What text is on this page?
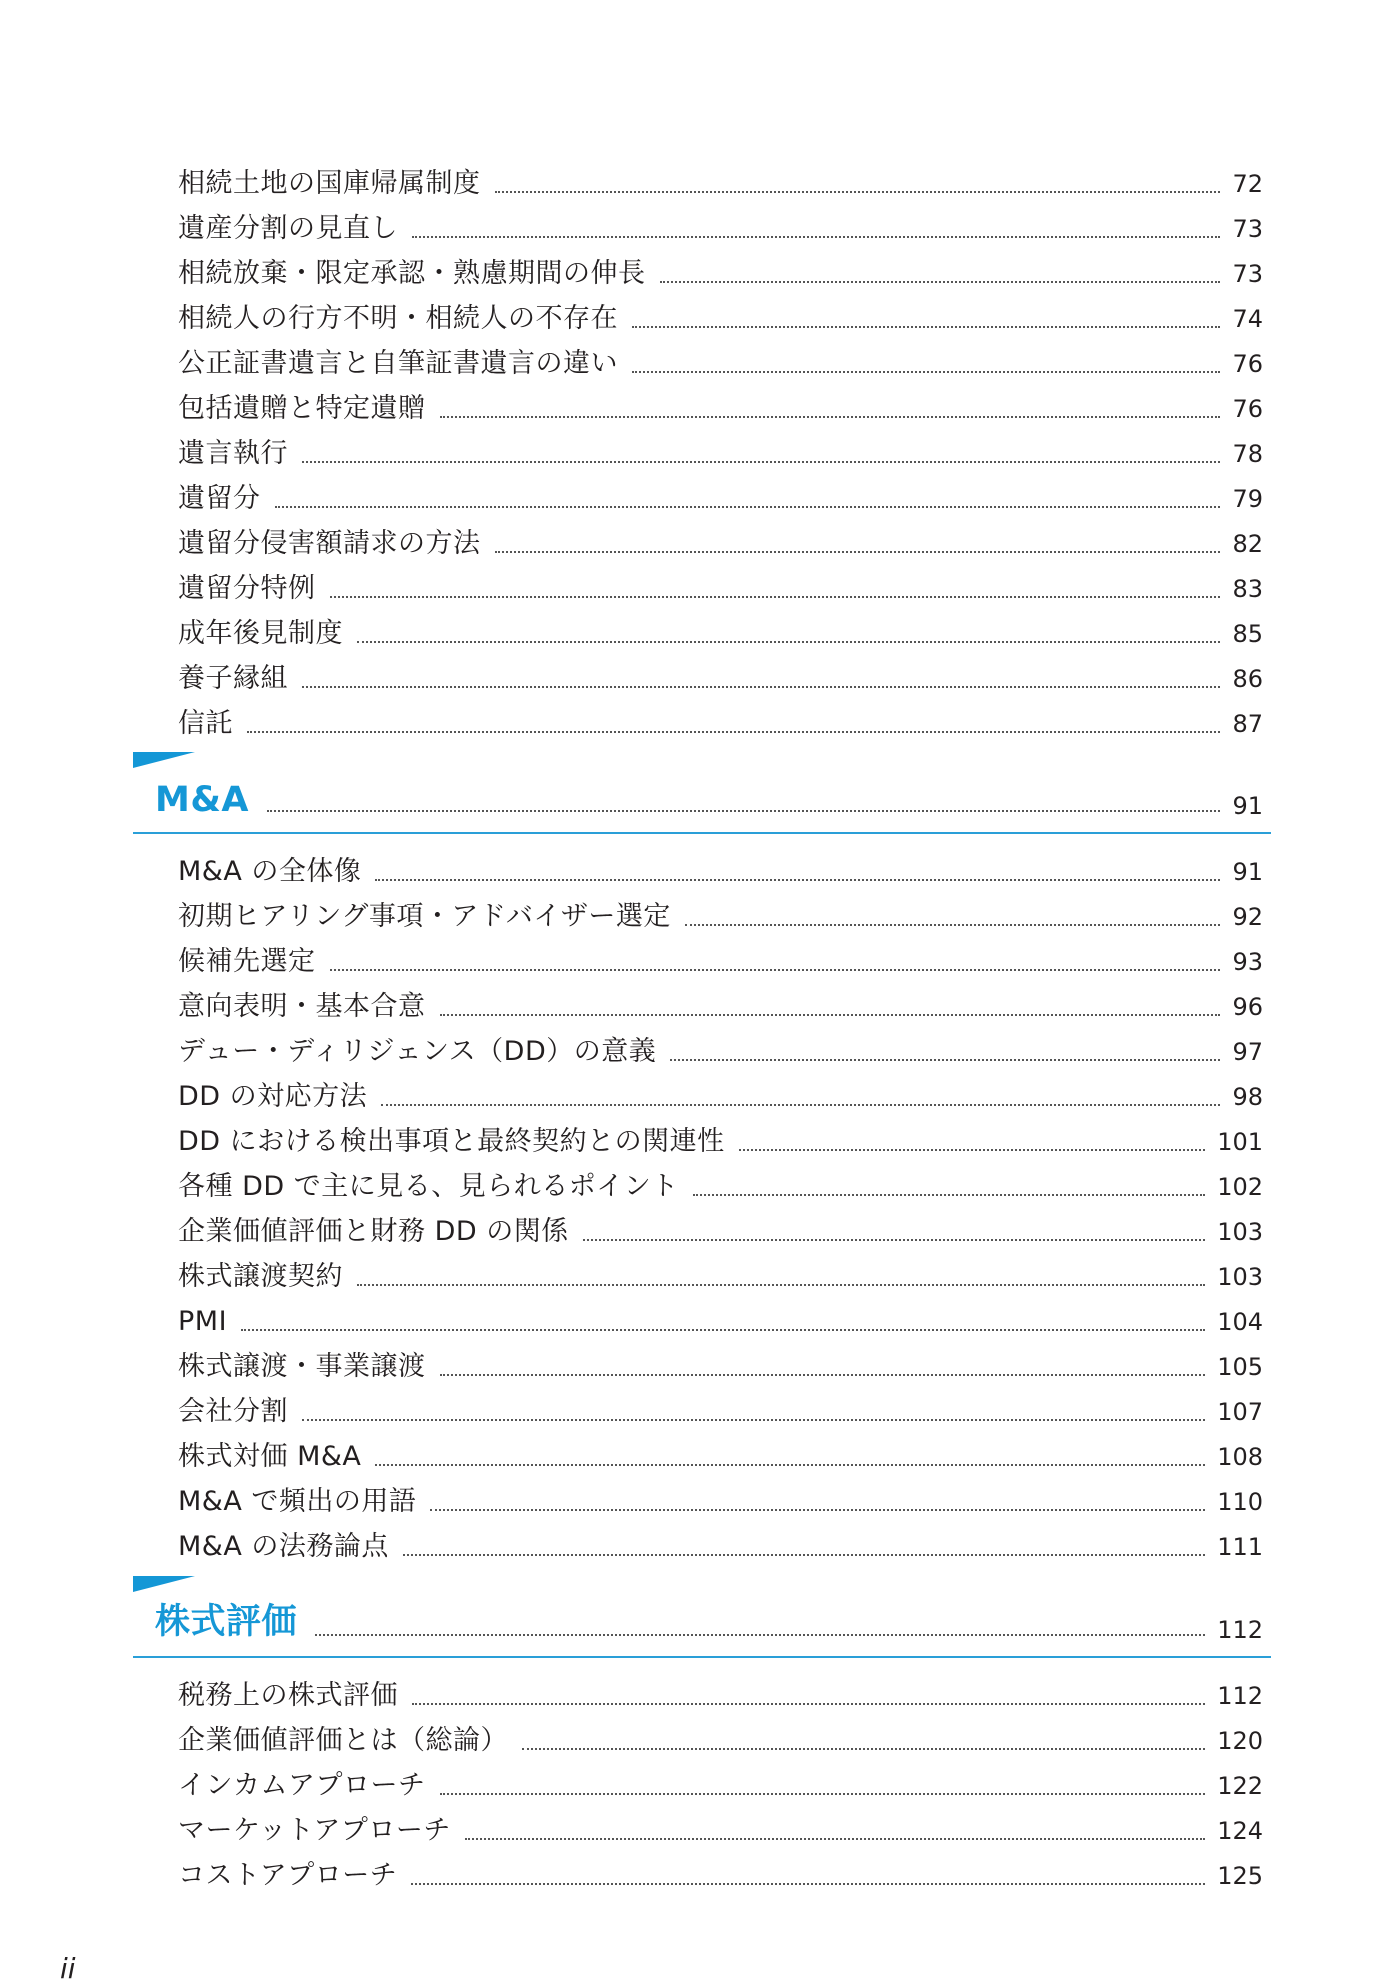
相続土地の国庫帰属制度	72
遺産分割の見直し	73
相続放棄・限定承認・熟慮期間の伸長	73
相続人の行方不明・相続人の不存在	74
公正証書遺言と自筆証書遺言の違い	76
包括遺贈と特定遺贈	76
遺言執行	78
遺留分	79
遺留分侵害額請求の方法	82
遺留分特例	83
成年後見制度	85
養子縁組	86
信託	87
M&A	91
M&A の全体像	91
初期ヒアリング事項・アドバイザー選定	92
候補先選定	93
意向表明・基本合意	96
デュー・ディリジェンス（DD）の意義	97
DD の対応方法	98
DD における検出事項と最終契約との関連性	101
各種 DD で主に見る、見られるポイント	102
企業価値評価と財務 DD の関係	103
株式譲渡契約	103
PMI	104
株式譲渡・事業譲渡	105
会社分割	107
株式対価 M&A	108
M&A で頻出の用語	110
M&A の法務論点	111
株式評価	112
税務上の株式評価	112
企業価値評価とは（総論）	120
インカムアプローチ	122
マーケットアプローチ	124
コストアプローチ	125
ii
